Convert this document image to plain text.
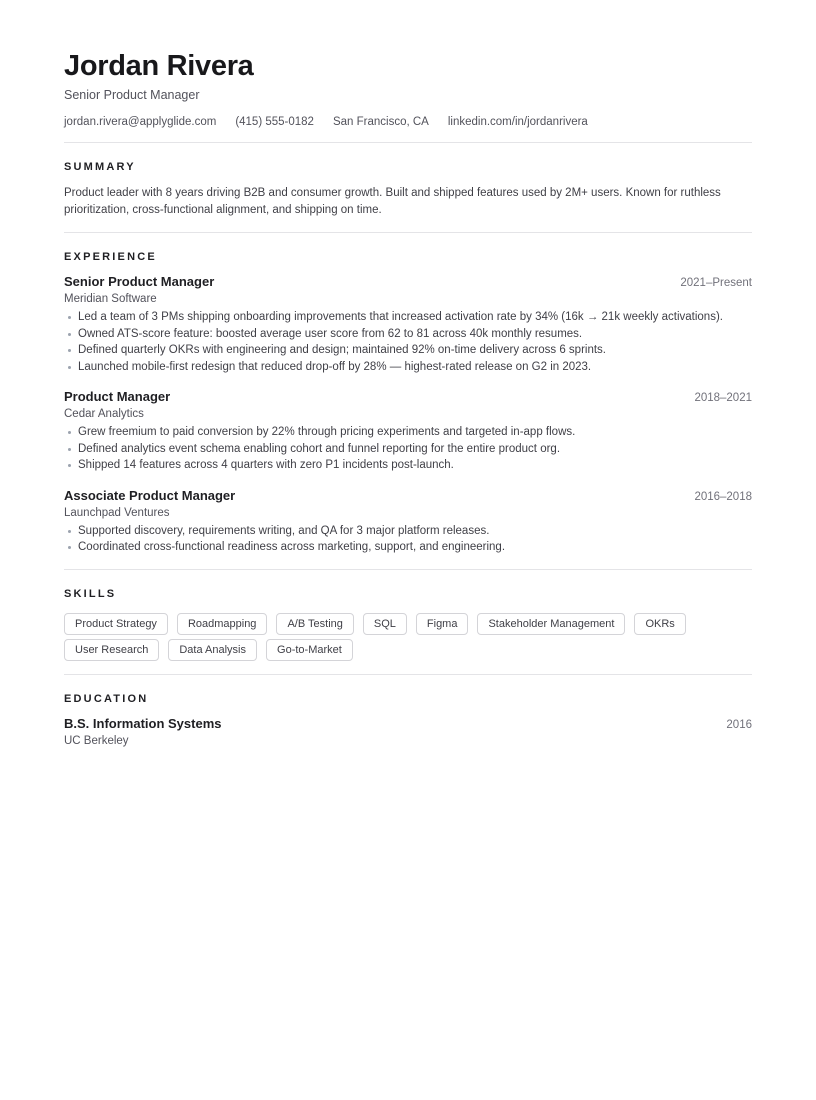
Jordan Rivera
Senior Product Manager
jordan.rivera@applyglide.com (415) 555-0182 San Francisco, CA linkedin.com/in/jordanrivera
SUMMARY

Product leader with 8 years driving B2B and consumer growth. Built and shipped features used by 2M+ users. Known for ruthless prioritization, cross-functional alignment, and shipping on time.

EXPERIENCE
Senior Product Manager	2021–Present
Meridian Software
Led a team of 3 PMs shipping onboarding improvements that increased activation rate by 34% (16k → 21k weekly activations).
Owned ATS-score feature: boosted average user score from 62 to 81 across 40k monthly resumes.
Defined quarterly OKRs with engineering and design; maintained 92% on-time delivery across 6 sprints.
Launched mobile-first redesign that reduced drop-off by 28% — highest-rated release on G2 in 2023.
Product Manager	2018–2021
Cedar Analytics
Grew freemium to paid conversion by 22% through pricing experiments and targeted in-app flows.
Defined analytics event schema enabling cohort and funnel reporting for the entire product org.
Shipped 14 features across 4 quarters with zero P1 incidents post-launch.
Associate Product Manager	2016–2018
Launchpad Ventures
Supported discovery, requirements writing, and QA for 3 major platform releases.
Coordinated cross-functional readiness across marketing, support, and engineering.
SKILLS
Product Strategy	Roadmapping	A/B Testing	SQL	Figma	Stakeholder Management	OKRs
User Research	Data Analysis	Go-to-Market
EDUCATION
B.S. Information Systems	2016
UC Berkeley
